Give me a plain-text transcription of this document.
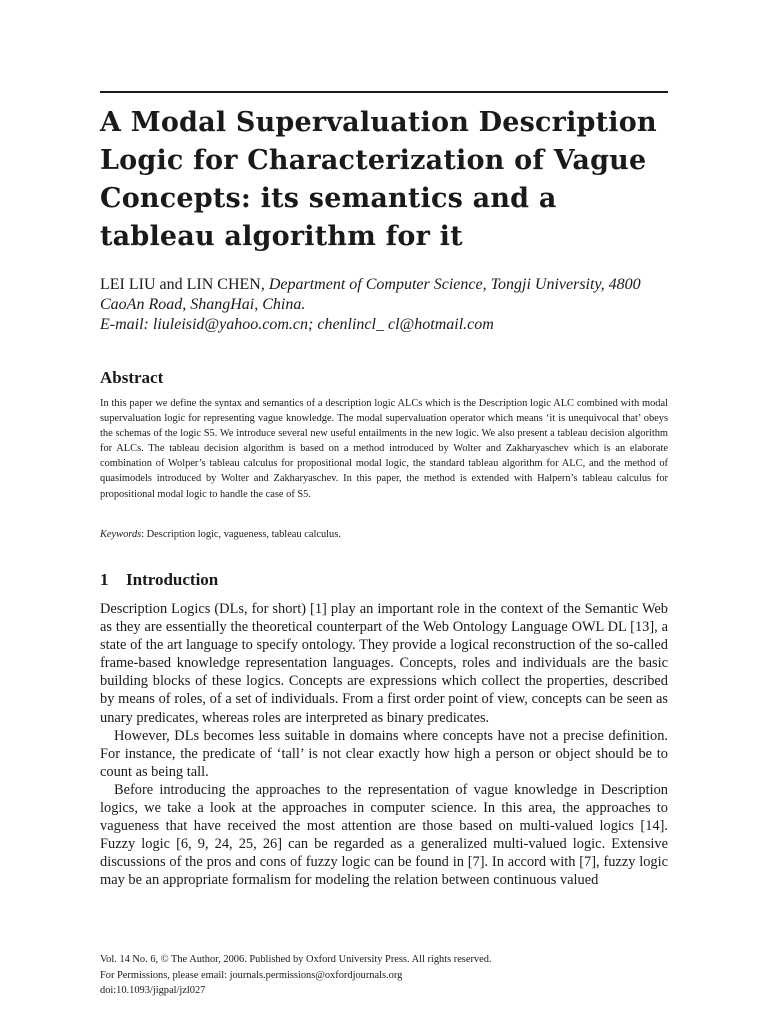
A Modal Supervaluation Description Logic for Characterization of Vague Concepts: its semantics and a tableau algorithm for it
LEI LIU and LIN CHEN, Department of Computer Science, Tongji University, 4800 CaoAn Road, ShangHai, China.
E-mail: liuleisid@yahoo.com.cn; chenlincl_ cl@hotmail.com
Abstract

In this paper we define the syntax and semantics of a description logic ALCs which is the Description logic ALC combined with modal supervaluation logic for representing vague knowledge. The modal supervaluation operator which means ‘it is unequivocal that’ obeys the schemas of the logic S5. We introduce several new useful entailments in the new logic. We also present a tableau decision algorithm for ALCs. The tableau decision algorithm is based on a method introduced by Wolter and Zakharyaschev which is an elaborate combination of Wolper’s tableau calculus for propositional modal logic, the standard tableau algorithm for ALC, and the method of quasimodels introduced by Wolter and Zakharyaschev. In this paper, the method is extended with Halpern’s tableau calculus for propositional modal logic to handle the case of S5.

Keywords: Description logic, vagueness, tableau calculus.
1 Introduction

Description Logics (DLs, for short) [1] play an important role in the context of the Semantic Web as they are essentially the theoretical counterpart of the Web Ontology Language OWL DL [13], a state of the art language to specify ontology. They provide a logical reconstruction of the so-called frame-based knowledge representation languages. Concepts, roles and individuals are the basic building blocks of these logics. Concepts are expressions which collect the properties, described by means of roles, of a set of individuals. From a first order point of view, concepts can be seen as unary predicates, whereas roles are interpreted as binary predicates.

However, DLs becomes less suitable in domains where concepts have not a precise definition. For instance, the predicate of ‘tall’ is not clear exactly how high a person or object should be to count as being tall.

Before introducing the approaches to the representation of vague knowledge in Description logics, we take a look at the approaches in computer science. In this area, the approaches to vagueness that have received the most attention are those based on multi-valued logics [14]. Fuzzy logic [6, 9, 24, 25, 26] can be regarded as a generalized multi-valued logic. Extensive discussions of the pros and cons of fuzzy logic can be found in [7]. In accord with [7], fuzzy logic may be an appropriate formalism for modeling the relation between continuous valued

Vol. 14 No. 6, © The Author, 2006. Published by Oxford University Press. All rights reserved.
For Permissions, please email: journals.permissions@oxfordjournals.org
doi:10.1093/jigpal/jzl027
